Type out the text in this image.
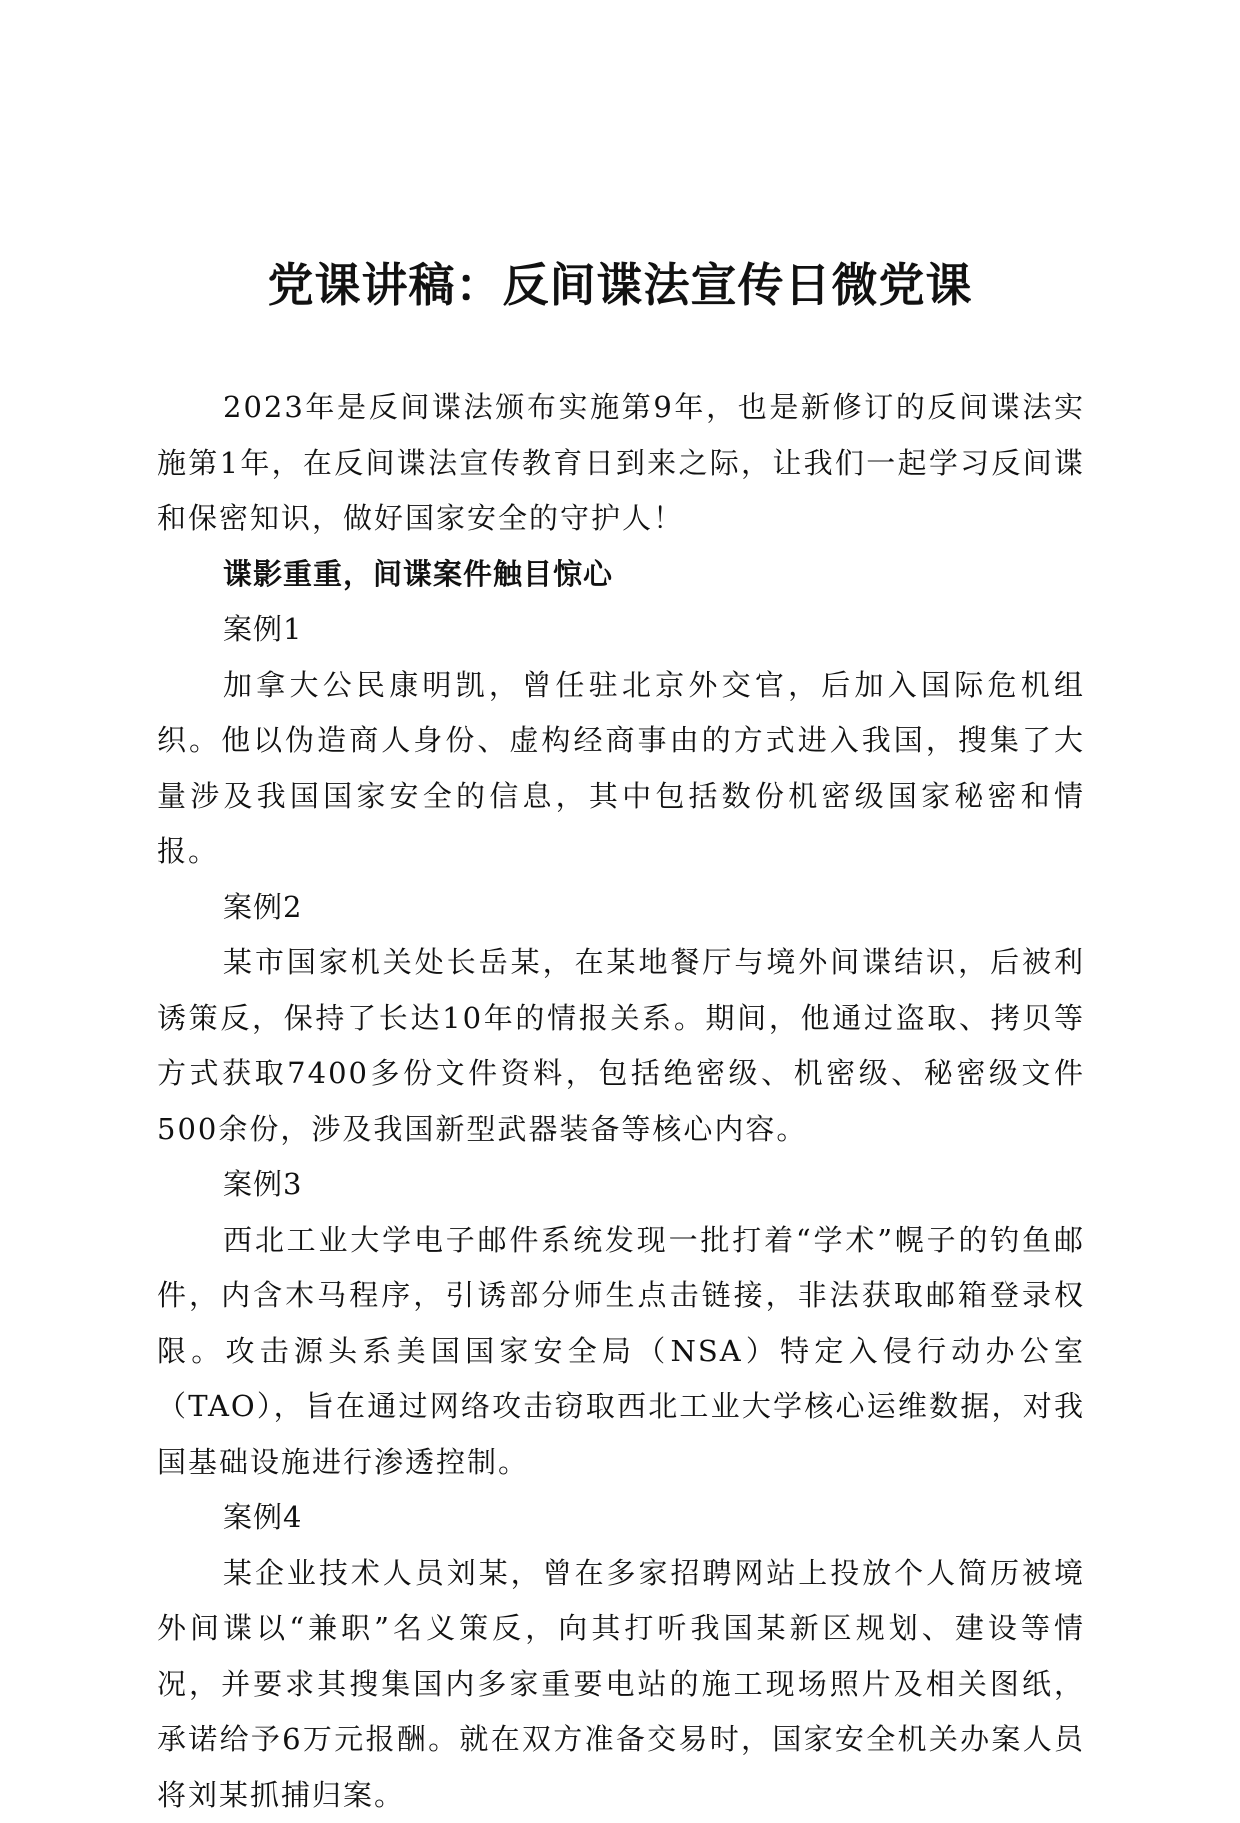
党课讲稿：反间谍法宣传日微党课

2023年是反间谍法颁布实施第9年，也是新修订的反间谍法实施第1年，在反间谍法宣传教育日到来之际，让我们一起学习反间谍和保密知识，做好国家安全的守护人！

谍影重重，间谍案件触目惊心

案例1

加拿大公民康明凯，曾任驻北京外交官，后加入国际危机组织。他以伪造商人身份、虚构经商事由的方式进入我国，搜集了大量涉及我国国家安全的信息，其中包括数份机密级国家秘密和情报。

案例2

某市国家机关处长岳某，在某地餐厅与境外间谍结识，后被利诱策反，保持了长达10年的情报关系。期间，他通过盗取、拷贝等方式获取7400多份文件资料，包括绝密级、机密级、秘密级文件500余份，涉及我国新型武器装备等核心内容。

案例3

西北工业大学电子邮件系统发现一批打着“学术”幌子的钓鱼邮件，内含木马程序，引诱部分师生点击链接，非法获取邮箱登录权限。攻击源头系美国国家安全局（NSA）特定入侵行动办公室（TAO），旨在通过网络攻击窃取西北工业大学核心运维数据，对我国基础设施进行渗透控制。

案例4

某企业技术人员刘某，曾在多家招聘网站上投放个人简历被境外间谍以“兼职”名义策反，向其打听我国某新区规划、建设等情况，并要求其搜集国内多家重要电站的施工现场照片及相关图纸，承诺给予6万元报酬。就在双方准备交易时，国家安全机关办案人员将刘某抓捕归案。
